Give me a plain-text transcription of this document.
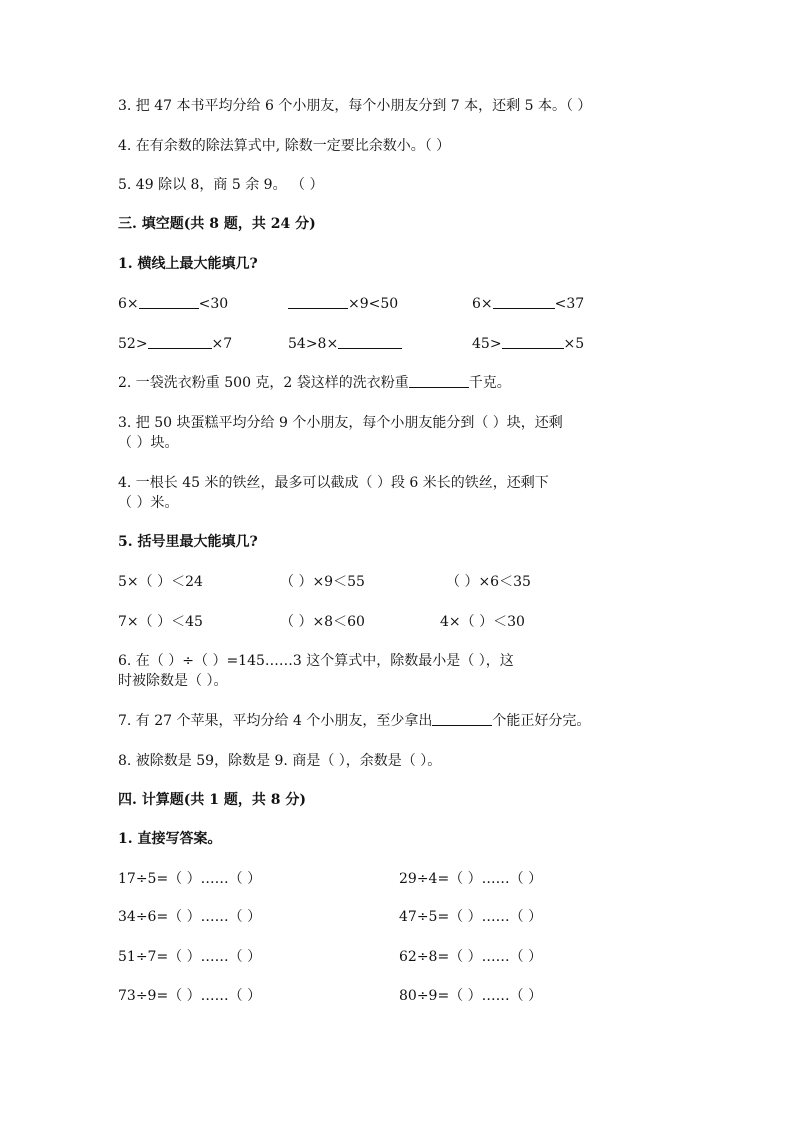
3. 把 47 本书平均分给 6 个小朋友，每个小朋友分到 7 本，还剩 5 本。（ ）
4. 在有余数的除法算式中, 除数一定要比余数小。（ ）
5. 49 除以 8，商 5 余 9。 （ ）
三. 填空题(共 8 题，共 24 分)
1. 横线上最大能填几?
6×	<30	×9<50	6×	<37
52>	×7	54>8×	45>	×5
2. 一袋洗衣粉重 500 克，2 袋这样的洗衣粉重	千克。
3. 把 50 块蛋糕平均分给 9 个小朋友，每个小朋友能分到（ ）块，还剩
（ ）块。
4. 一根长 45 米的铁丝，最多可以截成（ ）段 6 米长的铁丝，还剩下
（ ）米。
5. 括号里最大能填几?
5×（ ）＜24	（ ）×9＜55	（ ）×6＜35
7×（ ）＜45	（ ）×8＜60	4×（ ）＜30
6. 在（ ）÷（ ）=145……3 这个算式中，除数最小是（ ），这
时被除数是（ ）。
7. 有 27 个苹果，平均分给 4 个小朋友，至少拿出	个能正好分完。
8. 被除数是 59，除数是 9. 商是（ ），余数是（ ）。
四. 计算题(共 1 题，共 8 分)
1. 直接写答案。
17÷5=（ ）……（ ）	29÷4=（ ）……（ ）
34÷6=（ ）……（ ）	47÷5=（ ）……（ ）
51÷7=（ ）……（ ）	62÷8=（ ）……（ ）
73÷9=（ ）……（ ）	80÷9=（ ）……（ ）
